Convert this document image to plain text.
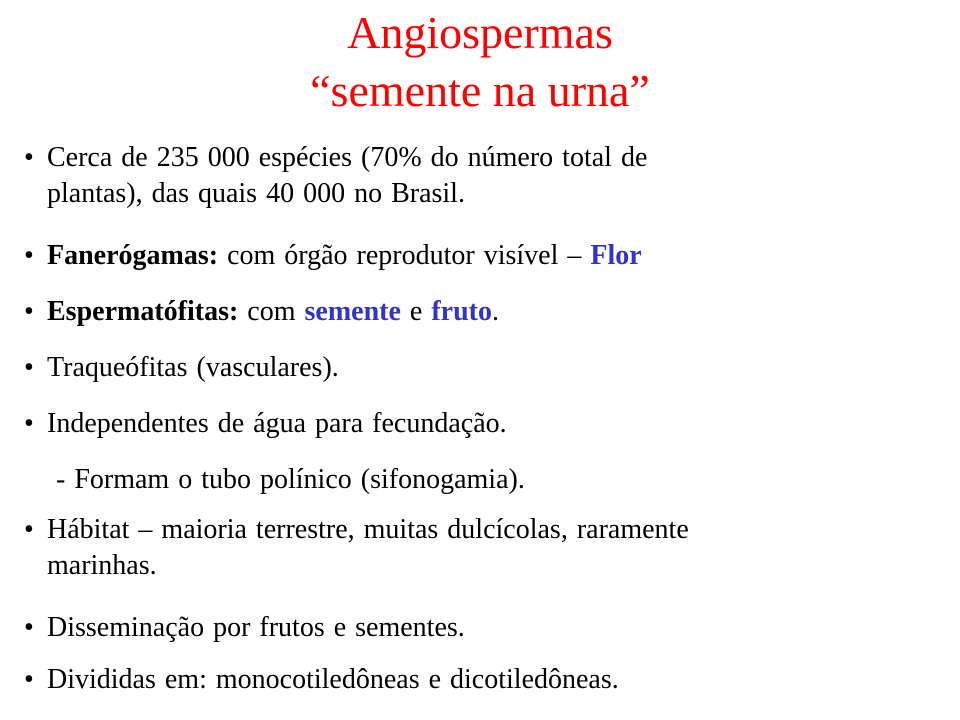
Angiospermas
“semente na urna”
• Cerca de 235 000 espécies (70% do número total de
plantas), das quais 40 000 no Brasil.
• Fanerógamas: com órgão reprodutor visível – Flor
• Espermatófitas: com semente e fruto.
• Traqueófitas (vasculares).
• Independentes de água para fecundação.
- Formam o tubo polínico (sifonogamia).
• Hábitat – maioria terrestre, muitas dulcícolas, raramente
marinhas.
• Disseminação por frutos e sementes.
• Divididas em: monocotiledôneas e dicotiledôneas.
